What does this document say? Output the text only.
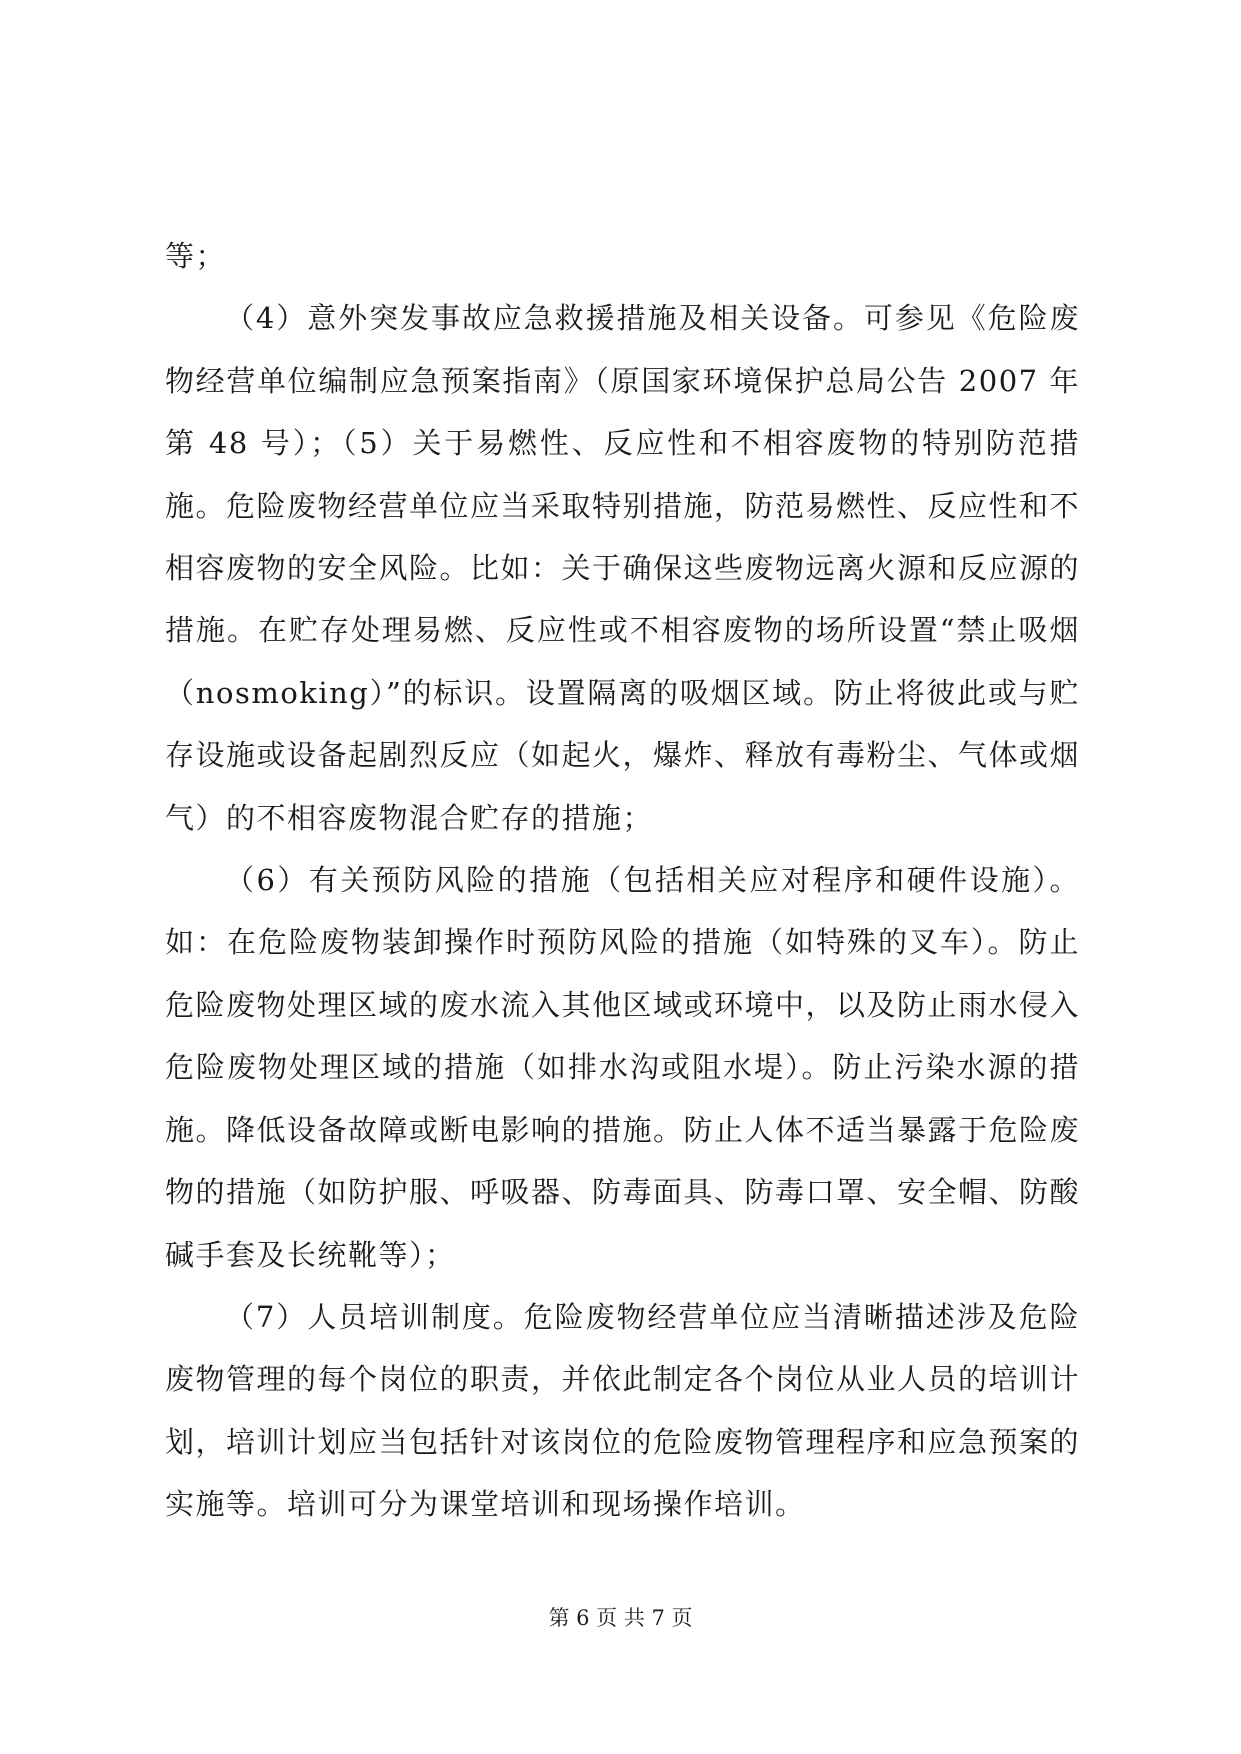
等；

（4）意外突发事故应急救援措施及相关设备。可参见《危险废物经营单位编制应急预案指南》（原国家环境保护总局公告 2007 年第 48 号）；（5）关于易燃性、反应性和不相容废物的特别防范措施。危险废物经营单位应当采取特别措施，防范易燃性、反应性和不相容废物的安全风险。比如：关于确保这些废物远离火源和反应源的措施。在贮存处理易燃、反应性或不相容废物的场所设置“禁止吸烟（nosmoking）”的标识。设置隔离的吸烟区域。防止将彼此或与贮存设施或设备起剧烈反应（如起火，爆炸、释放有毒粉尘、气体或烟气）的不相容废物混合贮存的措施；

（6）有关预防风险的措施（包括相关应对程序和硬件设施）。如：在危险废物装卸操作时预防风险的措施（如特殊的叉车）。防止危险废物处理区域的废水流入其他区域或环境中，以及防止雨水侵入危险废物处理区域的措施（如排水沟或阻水堤）。防止污染水源的措施。降低设备故障或断电影响的措施。防止人体不适当暴露于危险废物的措施（如防护服、呼吸器、防毒面具、防毒口罩、安全帽、防酸碱手套及长统靴等）；

（7）人员培训制度。危险废物经营单位应当清晰描述涉及危险废物管理的每个岗位的职责，并依此制定各个岗位从业人员的培训计划，培训计划应当包括针对该岗位的危险废物管理程序和应急预案的实施等。培训可分为课堂培训和现场操作培训。

第 6 页 共 7 页
